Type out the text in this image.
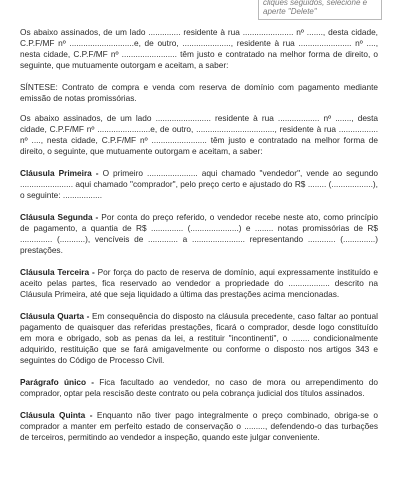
cliques seguidos, selecione e apertе "Delete"

Os abaixo assinados, de um lado .............. residente à rua ...................... nº ......., desta cidade, C.P.F/MF nº ............................e, de outro, ....................., residente à rua ....................... nº ...., nesta cidade, C.P.F/MF nº ........................ têm justo e contratado na melhor forma de direito, o seguinte, que mutuamente outorgam e aceitam, a saber:

SÍNTESE: Contrato de compra e venda com reserva de domínio com pagamento mediante emissão de notas promissórias.

Os abaixo assinados, de um lado ........................ residente à rua .................. nº ......., desta cidade, C.P.F/MF nº .......................e, de outro, .................................., residente à rua ................. nº ...., nesta cidade, C.P.F/MF nº ........................ têm justo e contratado na melhor forma de direito, o seguinte, que mutuamente outorgam e aceitam, a saber:

Cláusula Primeira - O primeiro ...................... aqui chamado "vendedor", vende ao segundo ....................... aqui chamado "comprador", pelo preço certo e ajustado do R$ ........ (..................), o seguinte: .................

Cláusula Segunda - Por conta do preço referido, o vendedor recebe neste ato, como princípio de pagamento, a quantia de R$ .............. (.....................) e ........ notas promissórias de R$ .............. (...........), vencíveis de ............. a ....................... representando ............ (..............) prestações.

Cláusula Terceira - Por força do pacto de reserva de domínio, aqui expressamente instituído e aceito pelas partes, fica reservado ao vendedor a propriedade do .................. descrito na Cláusula Primeira, até que seja liquidado a última das prestações acima mencionadas.

Cláusula Quarta - Em consequência do disposto na cláusula precedente, caso faltar ao pontual pagamento de quaisquer das referidas prestações, ficará o comprador, desde logo constituído em mora e obrigado, sob as penas da lei, a restituir "incontinenti", o ........ condicionalmente adquirido, restituição que se fará amigavelmente ou conforme o disposto nos artigos 343 e seguintes do Código de Processo Civil.

Parágrafo único - Fica facultado ao vendedor, no caso de mora ou arrependimento do comprador, optar pela rescisão deste contrato ou pela cobrança judicial dos títulos assinados.

Cláusula Quinta - Enquanto não tiver pago integralmente o preço combinado, obriga-se o comprador a manter em perfeito estado de conservação o ........., defendendo-o das turbações de terceiros, permitindo ao vendedor a inspeção, quando este julgar conveniente.
